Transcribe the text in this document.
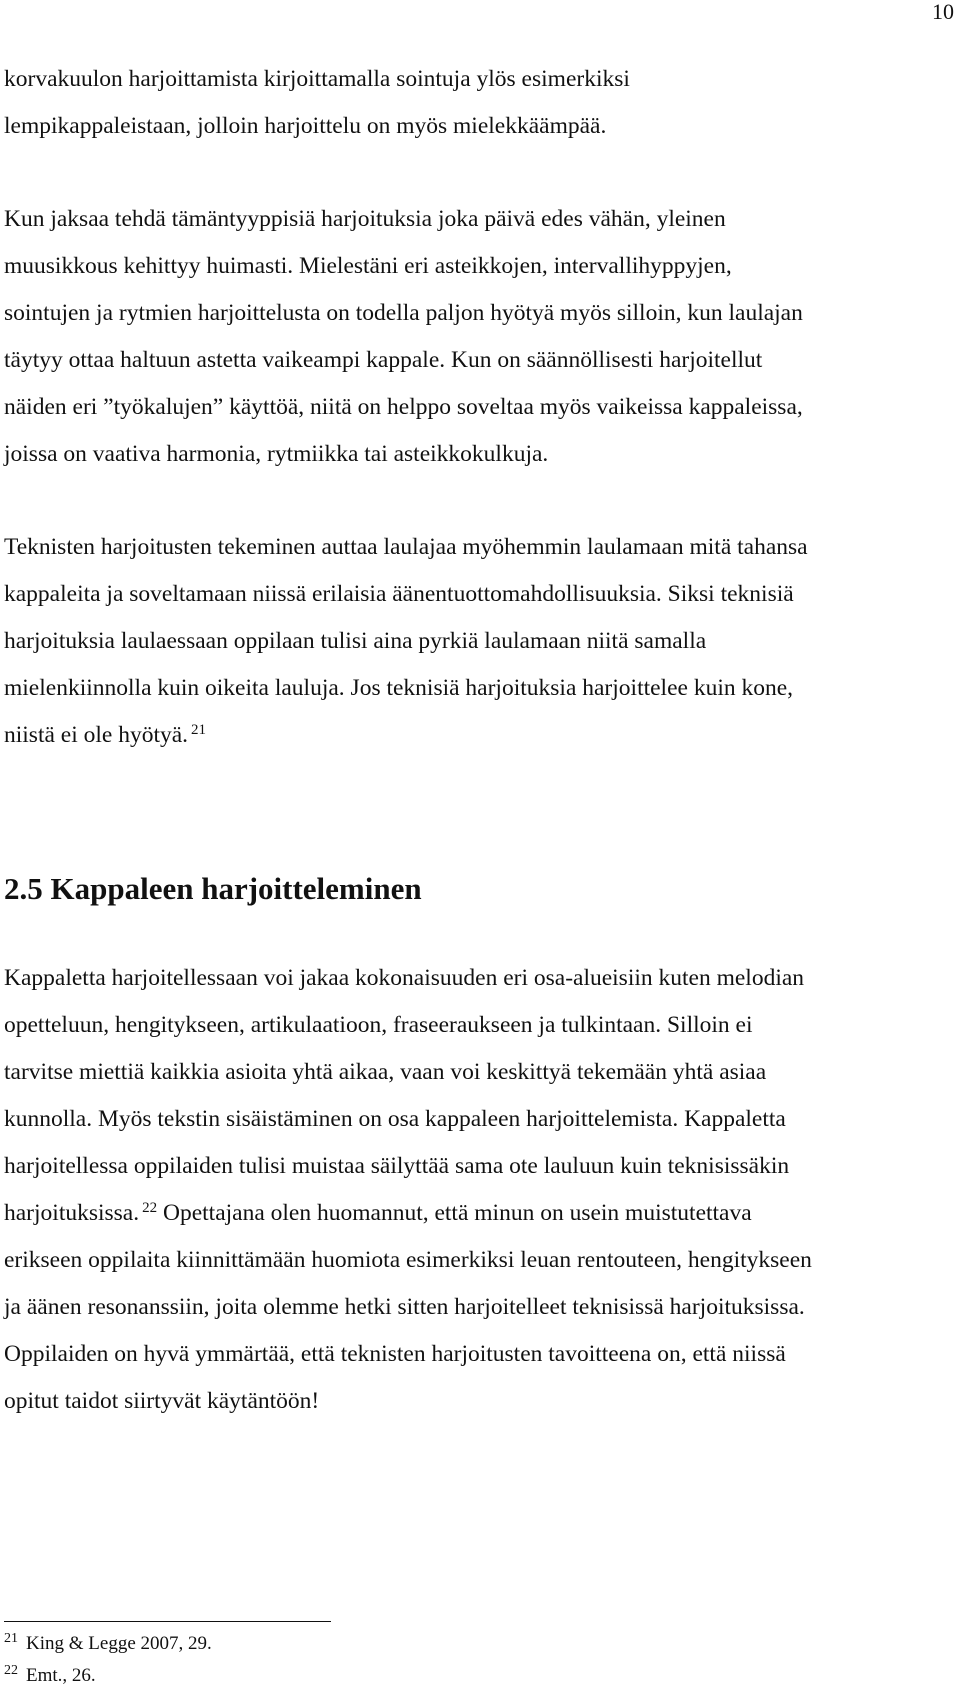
10

korvakuulon harjoittamista kirjoittamalla sointuja ylös esimerkiksi
lempikappaleistaan, jolloin harjoittelu on myös mielekkäämpää.

Kun jaksaa tehdä tämäntyyppisiä harjoituksia joka päivä edes vähän, yleinen
muusikkous kehittyy huimasti. Mielestäni eri asteikkojen, intervallihyppyjen,
sointujen ja rytmien harjoittelusta on todella paljon hyötyä myös silloin, kun laulajan
täytyy ottaa haltuun astetta vaikeampi kappale. Kun on säännöllisesti harjoitellut
näiden eri ”työkalujen” käyttöä, niitä on helppo soveltaa myös vaikeissa kappaleissa,
joissa on vaativa harmonia, rytmiikka tai asteikkokulkuja.

Teknisten harjoitusten tekeminen auttaa laulajaa myöhemmin laulamaan mitä tahansa
kappaleita ja soveltamaan niissä erilaisia äänentuottomahdollisuuksia. Siksi teknisiä
harjoituksia laulaessaan oppilaan tulisi aina pyrkiä laulamaan niitä samalla
mielenkiinnolla kuin oikeita lauluja. Jos teknisiä harjoituksia harjoittelee kuin kone,
niistä ei ole hyötyä. $^{21}$

2.5 Kappaleen harjoitteleminen

Kappaletta harjoitellessaan voi jakaa kokonaisuuden eri osa-alueisiin kuten melodian
opetteluun, hengitykseen, artikulaatioon, fraseeraukseen ja tulkintaan. Silloin ei
tarvitse miettiä kaikkia asioita yhtä aikaa, vaan voi keskittyä tekemään yhtä asiaa
kunnolla. Myös tekstin sisäistäminen on osa kappaleen harjoittelemista. Kappaletta
harjoitellessa oppilaiden tulisi muistaa säilyttää sama ote lauluun kuin teknisissäkin
harjoituksissa. $^{22}$ Opettajana olen huomannut, että minun on usein muistutettava
erikseen oppilaita kiinnittämään huomiota esimerkiksi leuan rentouteen, hengitykseen
ja äänen resonanssiin, joita olemme hetki sitten harjoitelleet teknisissä harjoituksissa.
Oppilaiden on hyvä ymmärtää, että teknisten harjoitusten tavoitteena on, että niissä
opitut taidot siirtyvät käytäntöön!

$^{21}$ King & Legge 2007, 29.
$^{22}$ Emt., 26.
